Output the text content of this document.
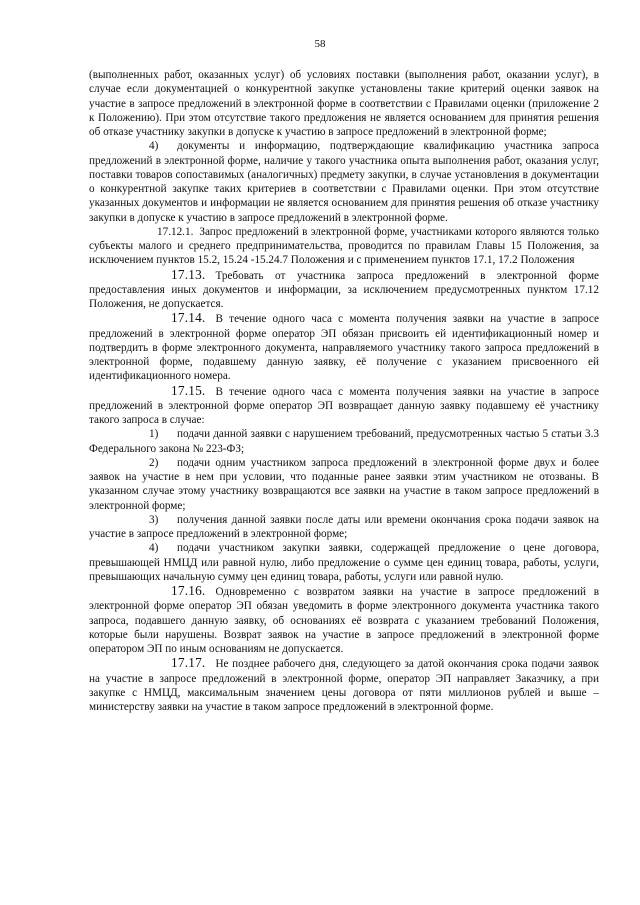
58

(выполненных работ, оказанных услуг) об условиях поставки (выполнения работ, оказании услуг), в случае если документацией о конкурентной закупке установлены такие критерий оценки заявок на участие в запросе предложений в электронной форме в соответствии с Правилами оценки (приложение 2 к Положению). При этом отсутствие такого предложения не является основанием для принятия решения об отказе участнику закупки в допуске к участию в запросе предложений в электронной форме;

4) документы и информацию, подтверждающие квалификацию участника запроса предложений в электронной форме, наличие у такого участника опыта выполнения работ, оказания услуг, поставки товаров сопоставимых (аналогичных) предмету закупки, в случае установления в документации о конкурентной закупке таких критериев в соответствии с Правилами оценки. При этом отсутствие указанных документов и информации не является основанием для принятия решения об отказе участнику закупки в допуске к участию в запросе предложений в электронной форме.

17.12.1. Запрос предложений в электронной форме, участниками которого являются только субъекты малого и среднего предпринимательства, проводится по правилам Главы 15 Положения, за исключением пунктов 15.2, 15.24 -15.24.7 Положения и с применением пунктов 17.1, 17.2 Положения

17.13. Требовать от участника запроса предложений в электронной форме предоставления иных документов и информации, за исключением предусмотренных пунктом 17.12 Положения, не допускается.

17.14. В течение одного часа с момента получения заявки на участие в запросе предложений в электронной форме оператор ЭП обязан присвоить ей идентификационный номер и подтвердить в форме электронного документа, направляемого участнику такого запроса предложений в электронной форме, подавшему данную заявку, её получение с указанием присвоенного ей идентификационного номера.

17.15. В течение одного часа с момента получения заявки на участие в запросе предложений в электронной форме оператор ЭП возвращает данную заявку подавшему её участнику такого запроса в случае:

1) подачи данной заявки с нарушением требований, предусмотренных частью 5 статьи 3.3 Федерального закона № 223-ФЗ;

2) подачи одним участником запроса предложений в электронной форме двух и более заявок на участие в нем при условии, что поданные ранее заявки этим участником не отозваны. В указанном случае этому участнику возвращаются все заявки на участие в таком запросе предложений в электронной форме;

3) получения данной заявки после даты или времени окончания срока подачи заявок на участие в запросе предложений в электронной форме;

4) подачи участником закупки заявки, содержащей предложение о цене договора, превышающей НМЦД или равной нулю, либо предложение о сумме цен единиц товара, работы, услуги, превышающих начальную сумму цен единиц товара, работы, услуги или равной нулю.

17.16. Одновременно с возвратом заявки на участие в запросе предложений в электронной форме оператор ЭП обязан уведомить в форме электронного документа участника такого запроса, подавшего данную заявку, об основаниях её возврата с указанием требований Положения, которые были нарушены. Возврат заявок на участие в запросе предложений в электронной форме оператором ЭП по иным основаниям не допускается.

17.17. Не позднее рабочего дня, следующего за датой окончания срока подачи заявок на участие в запросе предложений в электронной форме, оператор ЭП направляет Заказчику, а при закупке с НМЦД, максимальным значением цены договора от пяти миллионов рублей и выше – министерству заявки на участие в таком запросе предложений в электронной форме.
